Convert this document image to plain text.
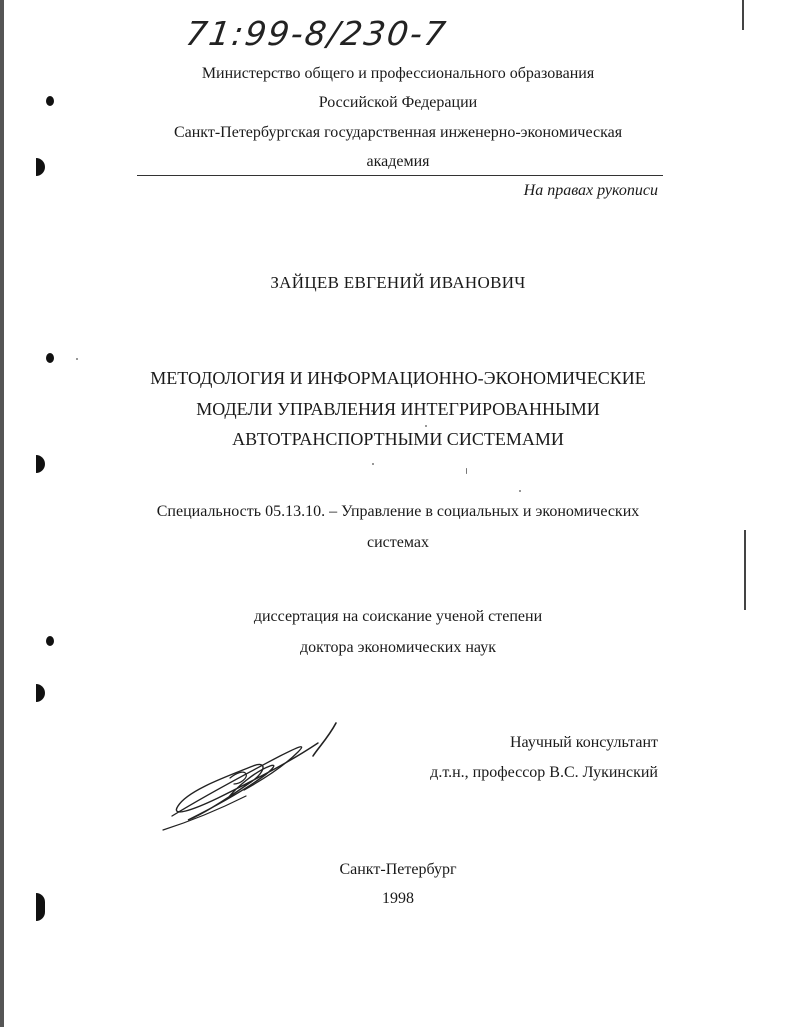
71:99-8/230-7
Министерство общего и профессионального образования
Российской Федерации
Санкт-Петербургская государственная инженерно-экономическая
академия
На правах рукописи
ЗАЙЦЕВ ЕВГЕНИЙ ИВАНОВИЧ
МЕТОДОЛОГИЯ И ИНФОРМАЦИОННО-ЭКОНОМИЧЕСКИЕ
МОДЕЛИ УПРАВЛЕНИЯ ИНТЕГРИРОВАННЫМИ
АВТОТРАНСПОРТНЫМИ СИСТЕМАМИ
Специальность 05.13.10. – Управление в социальных и экономических
системах
диссертация на соискание ученой степени
доктора экономических наук
Научный консультант
д.т.н., профессор В.С. Лукинский
Санкт-Петербург
1998
